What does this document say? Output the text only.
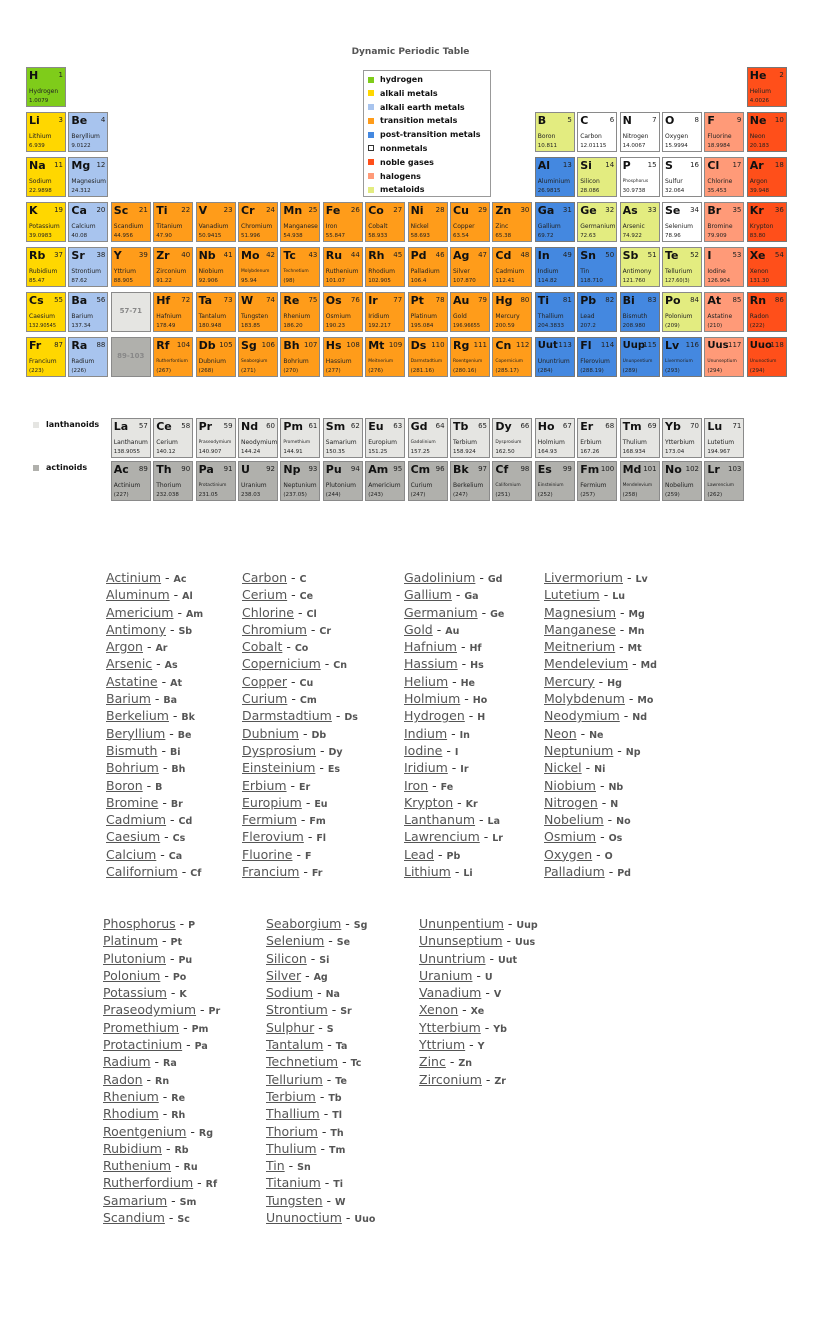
Dynamic Periodic Table
H	1
Hydrogen
1.0079
He 2
Helium
4.0026
Li	3
Lithium
6.939
Be 4
Beryllium
9.0122
B	5
Boron
10.811
C	6
Carbon
12.01115
N	7
Nitrogen
14.0067
O	8
Oxygen
15.9994
F	9
Fluorine
18.9984
Ne 10
Neon
20.183
Na 11
Sodium
22.9898
Mg 12
Magnesium
24.312
Al 13
Aluminium
26.9815
Si 14
Silicon
28.086
P 15
Phosphorus
30.9738
S 16
Sulfur
32.064
Cl 17
Chlorine
35.453
Ar 18
Argon
39.948
K 19
Potassium
39.0983
Ca 20
Calcium
40.08
Sc 21
Scandium
44.956
Ti 22
Titanium
47.90
V 23
Vanadium
50.9415
Cr 24
Chromium
51.996
Mn 25
Manganese
54.938
Fe 26
Iron
55.847
Co 27
Cobalt
58.933
Ni 28
Nickel
58.693
Cu 29
Copper
63.54
Zn 30
Zinc
65.38
Ga 31
Gallium
69.72
Ge 32
Germanium
72.63
As 33
Arsenic
74.922
Se 34
Selenium
78.96
Br 35
Bromine
79.909
Kr 36
Krypton
83.80
Rb 37
Rubidium
85.47
Sr 38
Strontium
87.62
Y 39
Yttrium
88.905
Zr 40
Zirconium
91.22
Nb 41
Niobium
92.906
Mo 42
Molybdenum
95.94
Tc 43
Technetium
(98)
Ru 44
Ruthenium
101.07
Rh 45
Rhodium
102.905
Pd 46
Palladium
106.4
Ag 47
Silver
107.870
Cd 48
Cadmium
112.41
In 49
Indium
114.82
Sn 50
Tin
118.710
Sb 51
Antimony
121.760
Te 52
Tellurium
127.60(3)
I	53
Iodine
126.904
Xe 54
Xenon
131.30
Cs 55
Caesium
132.90545
Ba 56
Barium
137.34
Hf 72
Hafnium
178.49
Ta 73
Tantalum
180.948
W 74
Tungsten
183.85
Re 75
Rhenium
186.20
Os 76
Osmium
190.23
Ir 77
Iridium
192.217
Pt 78
Platinum
195.084
Au 79
Gold
196.96655
Hg 80
Mercury
200.59
Ti 81
Thallium
204.3833
Pb 82
Lead
207.2
Bi 83
Bismuth
208.980
Po 84
Polonium
(209)
At 85
Astatine
(210)
Rn 86
Radon
(222)
Fr 87
Francium
(223)
Ra 88
Radium
(226)
Rf 104
Rutherfordium
(267)
Db 105
Dubnium
(268)
Sg 106
Seaborgium
(271)
Bh 107
Bohrium
(270)
Hs 108
Hassium
(277)
Mt 109
Meitnerium
(276)
Ds 110
Darmstadtium
(281.16)
Rg 111
Roentgenium
(280.16)
Cn 112
Copernicium
(285.17)
Uut 113
Ununtrium
(284)
Fl 114
Flerovium
(288.19)
Uup
115
Ununpentium
(289)
Lv 116
Livermorium
(293)
Uus 117
Ununseptium
(294)
Uuo
118
Ununoctium
(294)
La 57
Lanthanum
138.9055
Ce 58
Cerium
140.12
Pr 59
Praseodymium
140.907
Nd 60
Neodymium
144.24
Pm 61
Promethium
144.91
Sm 62
Samarium
150.35
Eu 63
Europium
151.25
Gd 64
Gadolinium
157.25
Tb 65
Terbium
158.924
Dy 66
Dysprosium
162.50
Ho 67
Holmium
164.93
Er 68
Erbium
167.26
Tm 69
Thulium
168.934
Yb 70
Ytterbium
173.04
Lu 71
Lutetium
194.967
Ac 89
Actinium
(227)
Th 90
Thorium
232.038
Pa 91
Protactinium
231.05
U 92
Uranium
238.03
Np 93
Neptunium
(237.05)
Pu 94
Plutonium
(244)
Am 95
Americium
(243)
Cm 96
Curium
(247)
Bk 97
Berkelium
(247)
Cf 98
Californium
(251)
Es 99
Einsteinium
(252)
Fm 100
Fermium
(257)
Md 101
Mendelevium
(258)
No 102
Nobelium
(259)
Lr 103
Lawrencium
(262)
57-71
89-103
hydrogen
alkali metals
alkali earth metals
transition metals
post-transition metals
nonmetals
noble gases
halogens
metaloids
lanthanoids
actinoids
Actinium - Ac
Aluminum - Al
Americium - Am
Antimony - Sb
Argon - Ar
Arsenic - As
Astatine - At
Barium - Ba
Berkelium - Bk
Beryllium - Be
Bismuth - Bi
Bohrium - Bh
Boron - B
Bromine - Br
Cadmium - Cd
Caesium - Cs
Calcium - Ca
Californium - Cf
Carbon - C
Cerium - Ce
Chlorine - Cl
Chromium - Cr
Cobalt - Co
Copernicium - Cn
Copper - Cu
Curium - Cm
Darmstadtium - Ds
Dubnium - Db
Dysprosium - Dy
Einsteinium - Es
Erbium - Er
Europium - Eu
Fermium - Fm
Flerovium - Fl
Fluorine - F
Francium - Fr
Gadolinium - Gd
Gallium - Ga
Germanium - Ge
Gold - Au
Hafnium - Hf
Hassium - Hs
Helium - He
Holmium - Ho
Hydrogen - H
Indium - In
Iodine - I
Iridium - Ir
Iron - Fe
Krypton - Kr
Lanthanum - La
Lawrencium - Lr
Lead - Pb
Lithium - Li
Livermorium - Lv
Lutetium - Lu
Magnesium - Mg
Manganese - Mn
Meitnerium - Mt
Mendelevium - Md
Mercury - Hg
Molybdenum - Mo
Neodymium - Nd
Neon - Ne
Neptunium - Np
Nickel - Ni
Niobium - Nb
Nitrogen - N
Nobelium - No
Osmium - Os
Oxygen - O
Palladium - Pd
Phosphorus - P
Platinum - Pt
Plutonium - Pu
Polonium - Po
Potassium - K
Praseodymium - Pr
Promethium - Pm
Protactinium - Pa
Radium - Ra
Radon - Rn
Rhenium - Re
Rhodium - Rh
Roentgenium - Rg
Rubidium - Rb
Ruthenium - Ru
Rutherfordium - Rf
Samarium - Sm
Scandium - Sc
Seaborgium - Sg
Selenium - Se
Silicon - Si
Silver - Ag
Sodium - Na
Strontium - Sr
Sulphur - S
Tantalum - Ta
Technetium - Tc
Tellurium - Te
Terbium - Tb
Thallium - Tl
Thorium - Th
Thulium - Tm
Tin - Sn
Titanium - Ti
Tungsten - W
Ununoctium - Uuo
Ununpentium - Uup
Ununseptium - Uus
Ununtrium - Uut
Uranium - U
Vanadium - V
Xenon - Xe
Ytterbium - Yb
Yttrium - Y
Zinc - Zn
Zirconium - Zr
